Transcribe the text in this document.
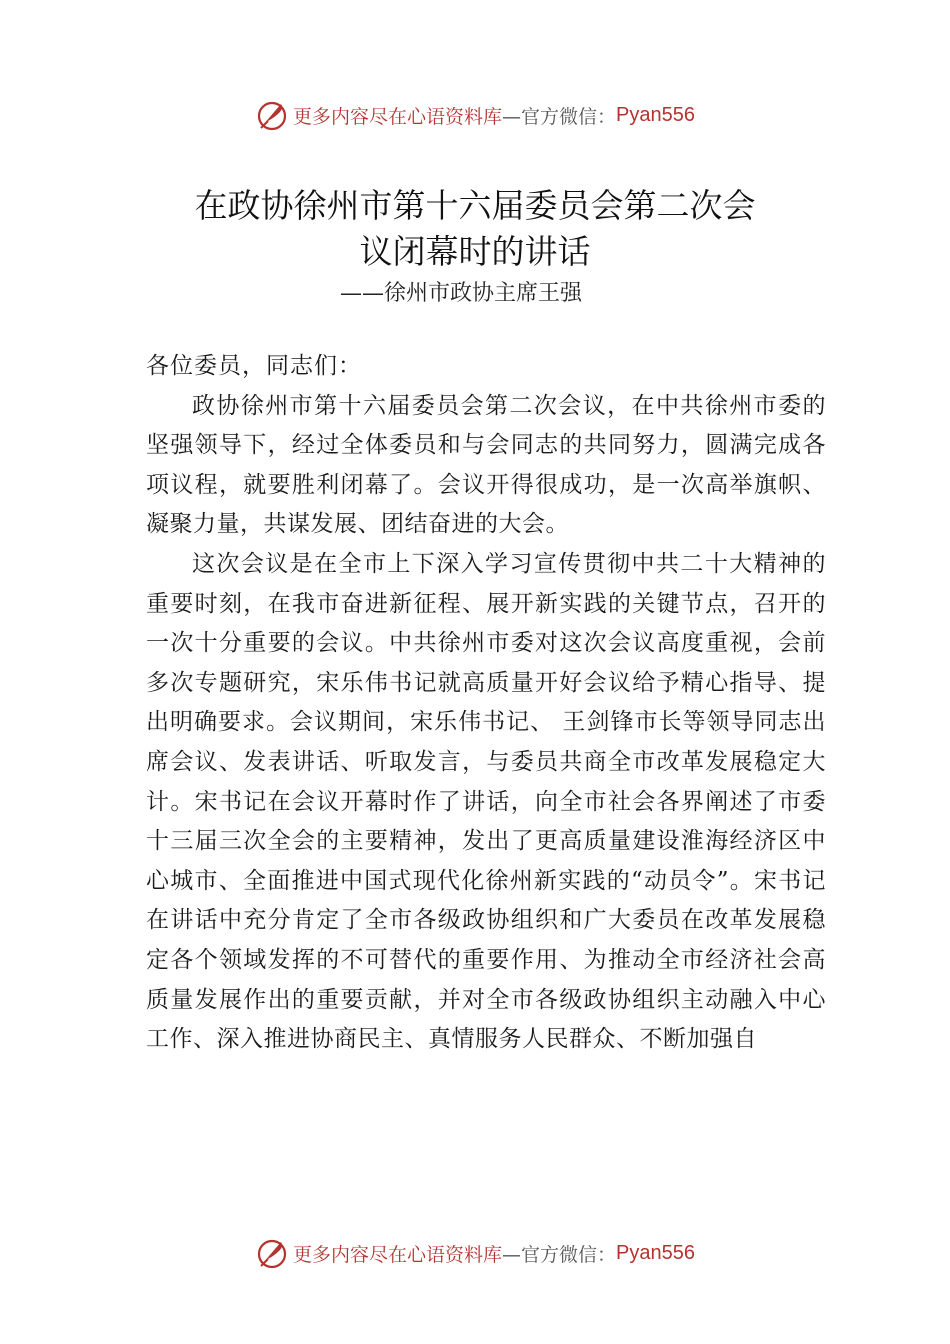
更多内容尽在心语资料库 —官方微信： Pyan556
在政协徐州市第十六届委员会第二次会
议闭幕时的讲话
——徐州市政协主席王强

各位委员，同志们：

政协徐州市第十六届委员会第二次会议，在中共徐州市委的坚强领导下，经过全体委员和与会同志的共同努力，圆满完成各项议程，就要胜利闭幕了。会议开得很成功，是一次高举旗帜、凝聚力量，共谋发展、团结奋进的大会。

这次会议是在全市上下深入学习宣传贯彻中共二十大精神的重要时刻，在我市奋进新征程、展开新实践的关键节点，召开的一次十分重要的会议。中共徐州市委对这次会议高度重视，会前多次专题研究，宋乐伟书记就高质量开好会议给予精心指导、提出明确要求。会议期间，宋乐伟书记、 王剑锋市长等领导同志出席会议、发表讲话、听取发言，与委员共商全市改革发展稳定大计。宋书记在会议开幕时作了讲话，向全市社会各界阐述了市委十三届三次全会的主要精神，发出了更高质量建设淮海经济区中心城市、全面推进中国式现代化徐州新实践的“动员令”。宋书记在讲话中充分肯定了全市各级政协组织和广大委员在改革发展稳定各个领域发挥的不可替代的重要作用、为推动全市经济社会高质量发展作出的重要贡献，并对全市各级政协组织主动融入中心工作、深入推进协商民主、真情服务人民群众、不断加强自

更多内容尽在心语资料库 —官方微信： Pyan556
